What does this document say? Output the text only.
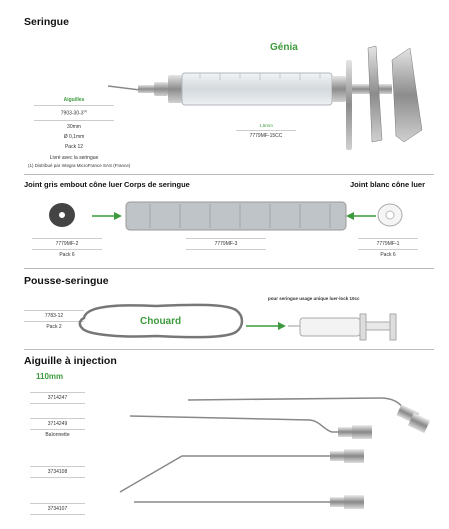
Seringue
Génia
Aiguilles
7903-30-3$^{(1)}$
30mm
Ø 0,1mm
Pack 12
Livré avec la seringue
(1) Distribué par Integra MicroFrance SAS (France)
1,5mm
7779MF-15CC
Joint gris embout cône luer Corps de seringue	Joint blanc cône luer
7779MF-2
Pack 6
7779MF-3	7779MF-1
Pack 6
Pousse-seringue
7783-12
Pack 2	Chouard
pour seringue usage unique luer-lock 10cc
Aiguille à injection
110mm
3714247
3714249
Baïonnette
3734108
3734107
